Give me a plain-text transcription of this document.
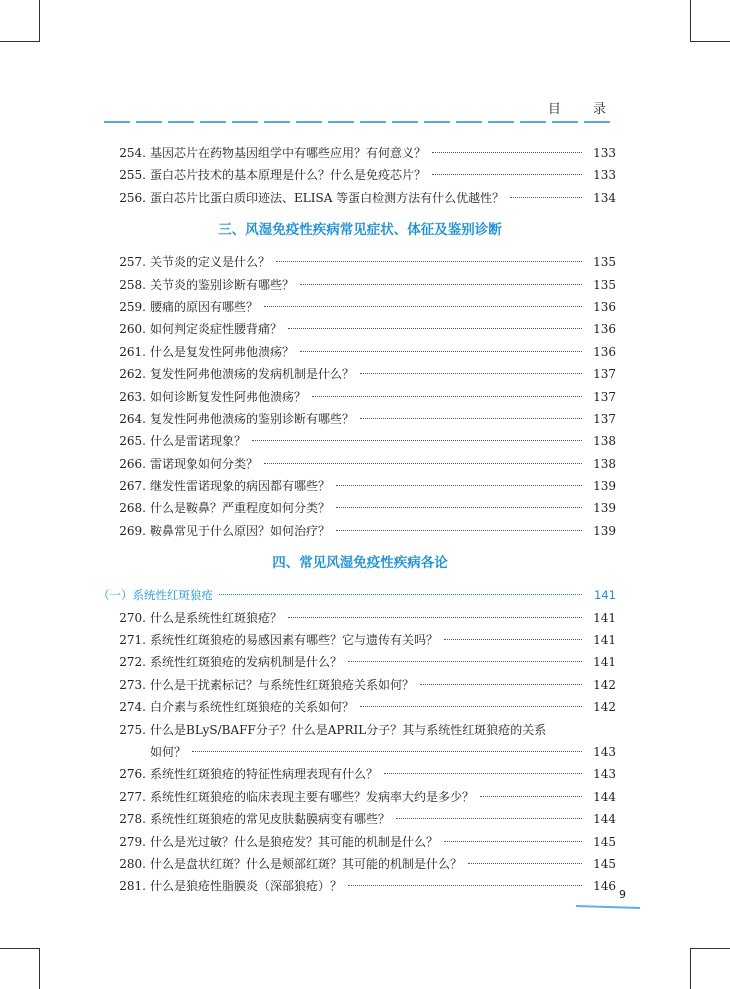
目 录
254. 基因芯片在药物基因组学中有哪些应用？有何意义？	133
255. 蛋白芯片技术的基本原理是什么？什么是免疫芯片？	133
256. 蛋白芯片比蛋白质印迹法、ELISA 等蛋白检测方法有什么优越性？	134
三、风湿免疫性疾病常见症状、体征及鉴别诊断
257. 关节炎的定义是什么？	135
258. 关节炎的鉴别诊断有哪些？	135
259. 腰痛的原因有哪些？	136
260. 如何判定炎症性腰背痛？	136
261. 什么是复发性阿弗他溃疡？	136
262. 复发性阿弗他溃疡的发病机制是什么？	137
263. 如何诊断复发性阿弗他溃疡？	137
264. 复发性阿弗他溃疡的鉴别诊断有哪些？	137
265. 什么是雷诺现象？	138
266. 雷诺现象如何分类？	138
267. 继发性雷诺现象的病因都有哪些？	139
268. 什么是鞍鼻？严重程度如何分类？	139
269. 鞍鼻常见于什么原因？如何治疗？	139
四、常见风湿免疫性疾病各论
（一）系统性红斑狼疮	141
270. 什么是系统性红斑狼疮？	141
271. 系统性红斑狼疮的易感因素有哪些？它与遗传有关吗？	141
272. 系统性红斑狼疮的发病机制是什么？	141
273. 什么是干扰素标记？与系统性红斑狼疮关系如何？	142
274. 白介素与系统性红斑狼疮的关系如何？	142
275. 什么是BLyS/BAFF分子？什么是APRIL分子？其与系统性红斑狼疮的关系
如何？	143
276. 系统性红斑狼疮的特征性病理表现有什么？	143
277. 系统性红斑狼疮的临床表现主要有哪些？发病率大约是多少？	144
278. 系统性红斑狼疮的常见皮肤黏膜病变有哪些？	144
279. 什么是光过敏？什么是狼疮发？其可能的机制是什么？	145
280. 什么是盘状红斑？什么是颊部红斑？其可能的机制是什么？	145
281. 什么是狼疮性脂膜炎（深部狼疮）？	146
9
